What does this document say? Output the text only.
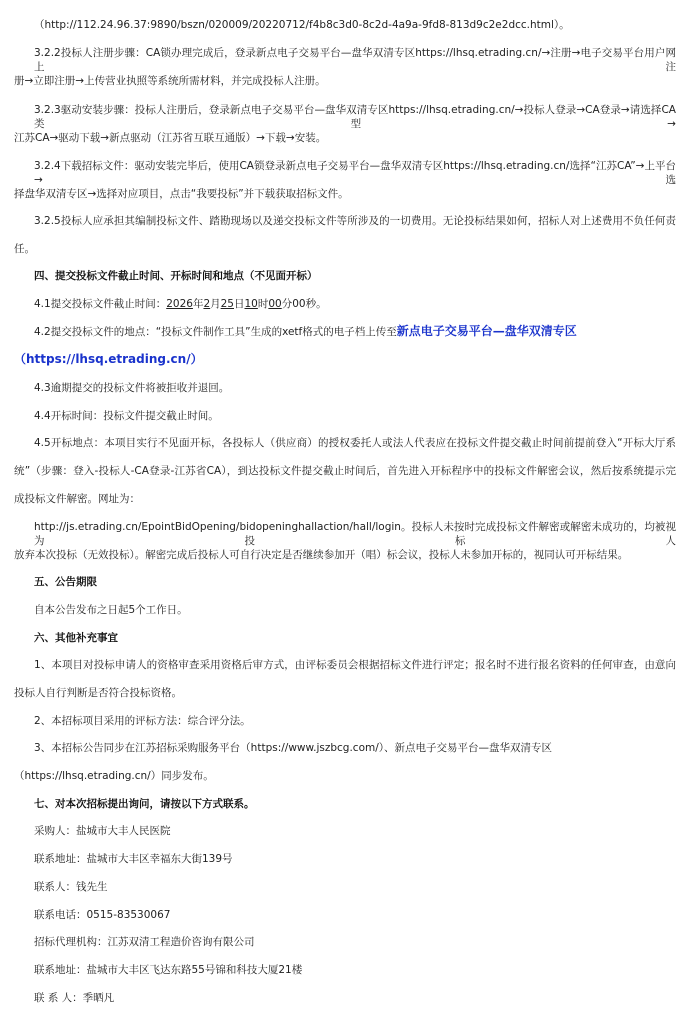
（http://112.24.96.37:9890/bszn/020009/20220712/f4b8c3d0-8c2d-4a9a-9fd8-813d9c2e2dcc.html）。
3.2.2投标人注册步骤：CA锁办理完成后，登录新点电子交易平台—盘华双清专区https://lhsq.etrading.cn/→注册→电子交易平台用户网上注
册→立即注册→上传营业执照等系统所需材料，并完成投标人注册。
3.2.3驱动安装步骤：投标人注册后，登录新点电子交易平台—盘华双清专区https://lhsq.etrading.cn/→投标人登录→CA登录→请选择CA类型→
江苏CA→驱动下载→新点驱动（江苏省互联互通版）→下载→安装。
3.2.4下载招标文件：驱动安装完毕后，使用CA锁登录新点电子交易平台—盘华双清专区https://lhsq.etrading.cn/选择“江苏CA”→上平台→选
择盘华双清专区→选择对应项目，点击“我要投标”并下载获取招标文件。
3.2.5投标人应承担其编制投标文件、踏勘现场以及递交投标文件等所涉及的一切费用。无论投标结果如何，招标人对上述费用不负任何责
任。
四、提交投标文件截止时间、开标时间和地点（不见面开标）
4.1提交投标文件截止时间：2026年2月25日10时00分00秒。
4.2提交投标文件的地点：“投标文件制作工具”生成的xetf格式的电子档上传至新点电子交易平台—盘华双清专区
（https://lhsq.etrading.cn/）
4.3逾期提交的投标文件将被拒收并退回。
4.4开标时间：投标文件提交截止时间。
4.5开标地点：本项目实行不见面开标，各投标人（供应商）的授权委托人或法人代表应在投标文件提交截止时间前提前登入“开标大厅系
统”（步骤：登入-投标人-CA登录-江苏省CA），到达投标文件提交截止时间后，首先进入开标程序中的投标文件解密会议，然后按系统提示完
成投标文件解密。网址为：
http://js.etrading.cn/EpointBidOpening/bidopeninghallaction/hall/login。投标人未按时完成投标文件解密或解密未成功的，均被视为投标人
放弃本次投标（无效投标）。解密完成后投标人可自行决定是否继续参加开（唱）标会议，投标人未参加开标的，视同认可开标结果。
五、公告期限
自本公告发布之日起5个工作日。
六、其他补充事宜
1、本项目对投标申请人的资格审查采用资格后审方式，由评标委员会根据招标文件进行评定；报名时不进行报名资料的任何审查，由意向
投标人自行判断是否符合投标资格。
2、本招标项目采用的评标方法：综合评分法。
3、本招标公告同步在江苏招标采购服务平台（https://www.jszbcg.com/）、新点电子交易平台—盘华双清专区
（https://lhsq.etrading.cn/）同步发布。
七、对本次招标提出询问，请按以下方式联系。
采购人：盐城市大丰人民医院
联系地址：盐城市大丰区幸福东大街139号
联系人：钱先生
联系电话：0515-83530067
招标代理机构：江苏双清工程造价咨询有限公司
联系地址：盐城市大丰区飞达东路55号锦和科技大厦21楼
联 系 人：季晒凡
